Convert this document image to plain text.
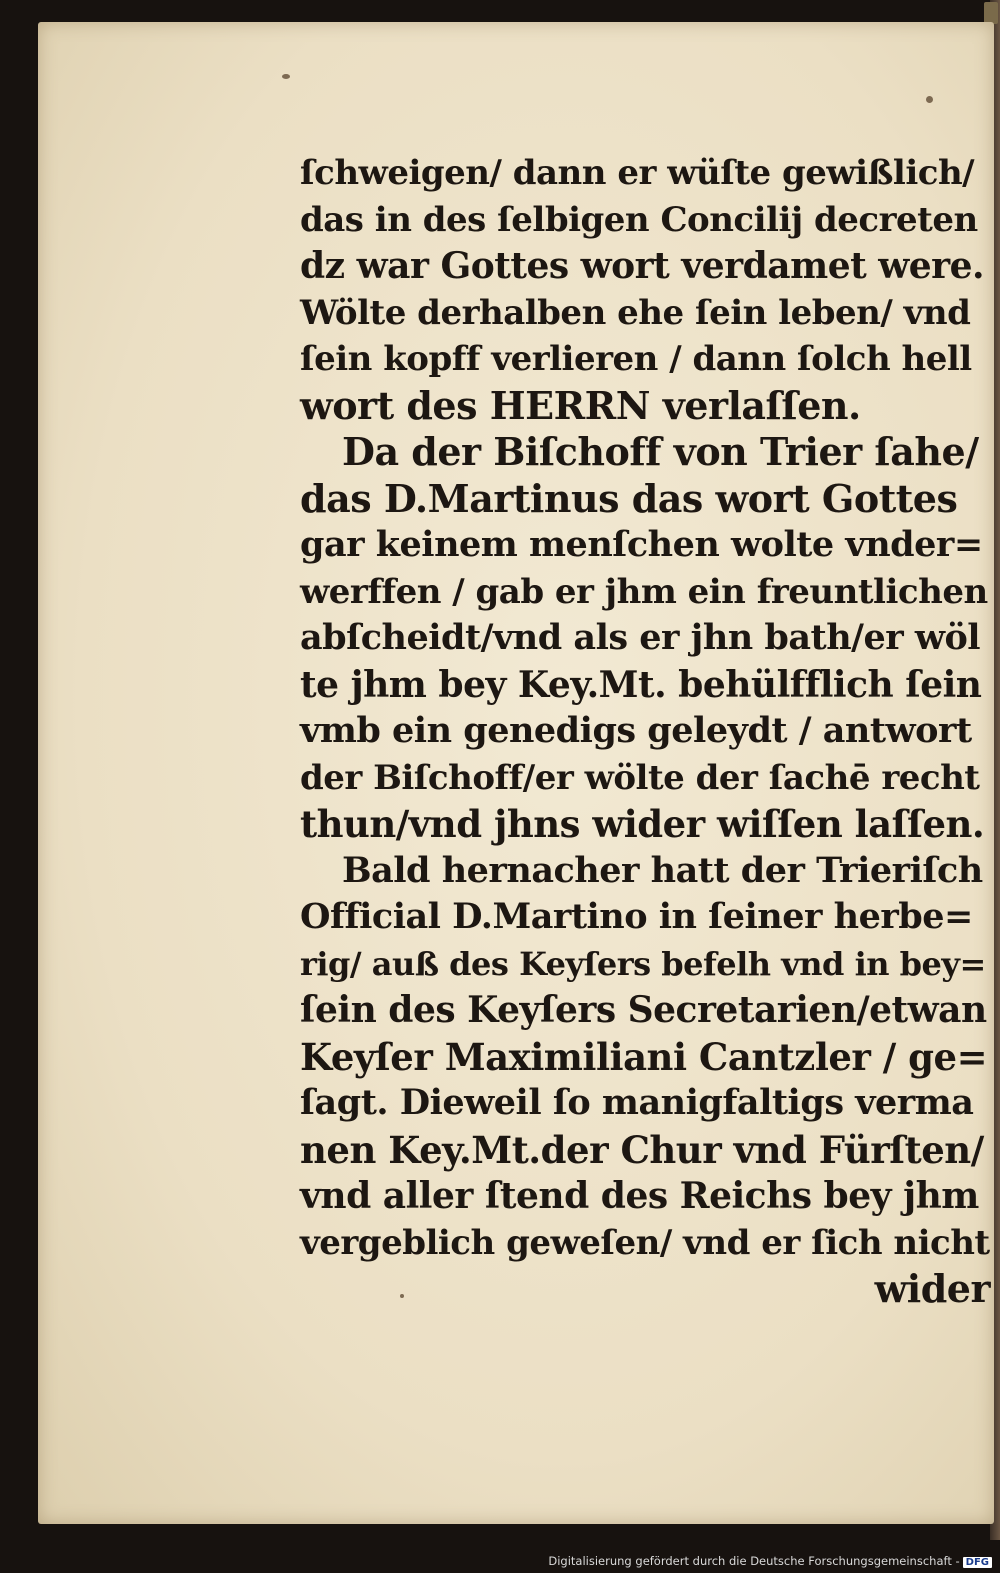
ſchweigen/ dann er wüſte gewißlich/
das in des ſelbigen Concilij decreten
dz war Gottes wort verdamet were.
Wölte derhalben ehe ſein leben/ vnd
ſein kopff verlieren / dann ſolch hell
wort des HERRN verlaſſen.
Da der Biſchoff von Trier ſahe/
das D.Martinus das wort Gottes
gar keinem menſchen wolte vnder=
werffen / gab er jhm ein freuntlichen
abſcheidt/vnd als er jhn bath/er wöl
te jhm bey Key.Mt. behülfflich ſein
vmb ein genedigs geleydt / antwort
der Biſchoff/er wölte der ſachē recht
thun/vnd jhns wider wiſſen laſſen.
Bald hernacher hatt der Trieriſch
Official D.Martino in ſeiner herbe=
rig/ auß des Keyſers befelh vnd in bey=
ſein des Keyſers Secretarien/etwan
Keyſer Maximiliani Cantzler / ge=
ſagt. Dieweil ſo manigfaltigs verma
nen Key.Mt.der Chur vnd Fürſten/
vnd aller ſtend des Reichs bey jhm
vergeblich geweſen/ vnd er ſich nicht
wider
Digitalisierung gefördert durch die Deutsche Forschungsgemeinschaft - DFG
